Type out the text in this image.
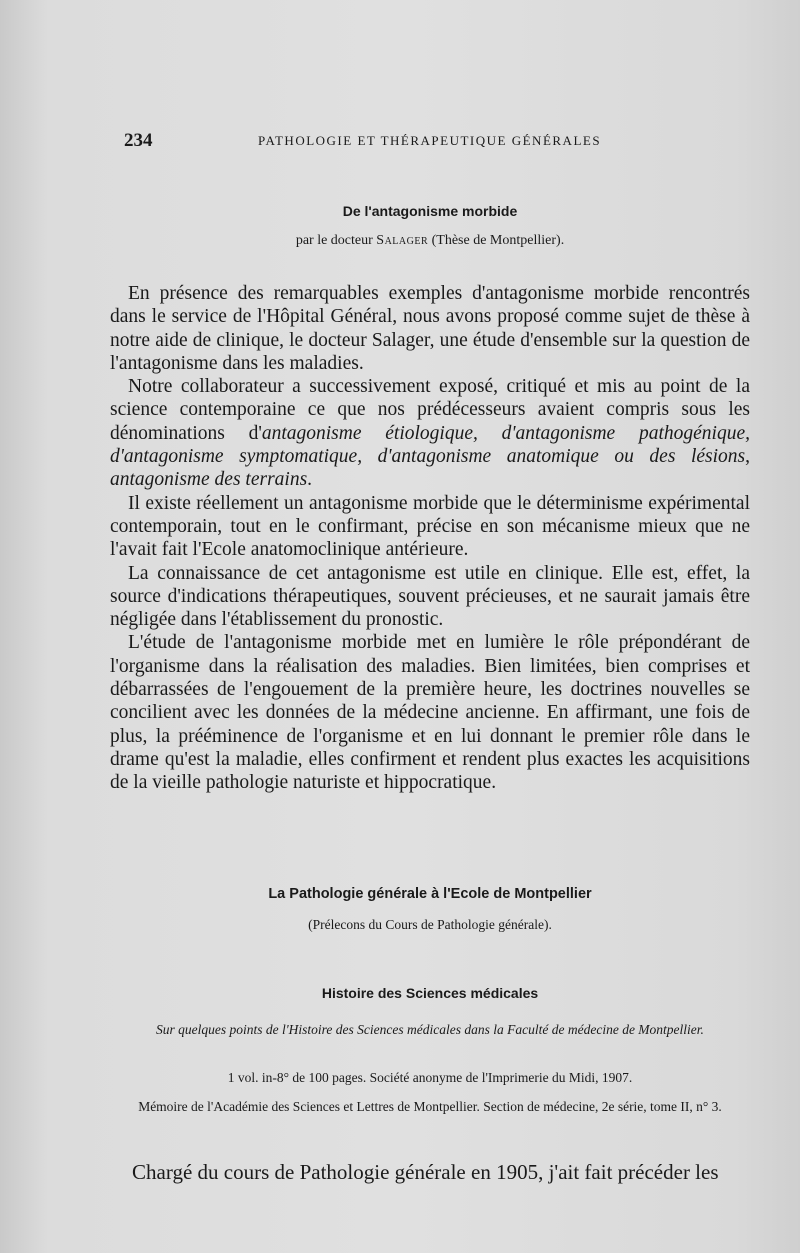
234	PATHOLOGIE ET THÉRAPEUTIQUE GÉNÉRALES
De l'antagonisme morbide
par le docteur Salager (Thèse de Montpellier).

En présence des remarquables exemples d'antagonisme morbide rencontrés dans le service de l'Hôpital Général, nous avons proposé comme sujet de thèse à notre aide de clinique, le docteur Salager, une étude d'ensemble sur la question de l'antagonisme dans les maladies.

Notre collaborateur a successivement exposé, critiqué et mis au point de la science contemporaine ce que nos prédécesseurs avaient compris sous les dénominations d'antagonisme étiologique, d'antagonisme pathogénique, d'antagonisme symptomatique, d'antagonisme anatomique ou des lésions, antagonisme des terrains.

Il existe réellement un antagonisme morbide que le déterminisme expérimental contemporain, tout en le confirmant, précise en son mécanisme mieux que ne l'avait fait l'Ecole anatomoclinique antérieure.

La connaissance de cet antagonisme est utile en clinique. Elle est, effet, la source d'indications thérapeutiques, souvent précieuses, et ne saurait jamais être négligée dans l'établissement du pronostic.

L'étude de l'antagonisme morbide met en lumière le rôle prépondérant de l'organisme dans la réalisation des maladies. Bien limitées, bien comprises et débarrassées de l'engouement de la première heure, les doctrines nouvelles se concilient avec les données de la médecine ancienne. En affirmant, une fois de plus, la prééminence de l'organisme et en lui donnant le premier rôle dans le drame qu'est la maladie, elles confirment et rendent plus exactes les acquisitions de la vieille pathologie naturiste et hippocratique.

La Pathologie générale à l'Ecole de Montpellier
(Prélecons du Cours de Pathologie générale).
Histoire des Sciences médicales
Sur quelques points de l'Histoire des Sciences médicales dans la Faculté de médecine de Montpellier.
1 vol. in-8° de 100 pages. Société anonyme de l'Imprimerie du Midi, 1907.
Mémoire de l'Académie des Sciences et Lettres de Montpellier. Section de médecine, 2e série, tome II, n° 3.
Chargé du cours de Pathologie générale en 1905, j'ait fait précéder les
